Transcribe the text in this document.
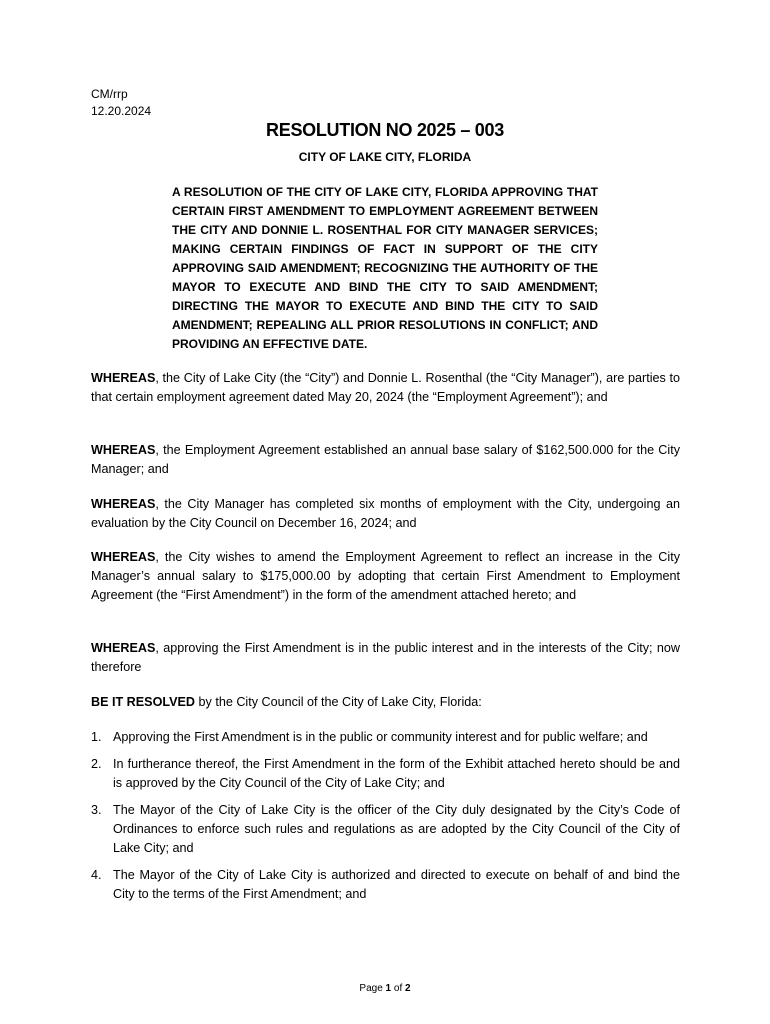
CM/rrp
12.20.2024
RESOLUTION NO 2025 – 003
CITY OF LAKE CITY, FLORIDA
A RESOLUTION OF THE CITY OF LAKE CITY, FLORIDA APPROVING THAT CERTAIN FIRST AMENDMENT TO EMPLOYMENT AGREEMENT BETWEEN THE CITY AND DONNIE L. ROSENTHAL FOR CITY MANAGER SERVICES; MAKING CERTAIN FINDINGS OF FACT IN SUPPORT OF THE CITY APPROVING SAID AMENDMENT; RECOGNIZING THE AUTHORITY OF THE MAYOR TO EXECUTE AND BIND THE CITY TO SAID AMENDMENT; DIRECTING THE MAYOR TO EXECUTE AND BIND THE CITY TO SAID AMENDMENT; REPEALING ALL PRIOR RESOLUTIONS IN CONFLICT; AND PROVIDING AN EFFECTIVE DATE.
WHEREAS, the City of Lake City (the “City”) and Donnie L. Rosenthal (the “City Manager”), are parties to that certain employment agreement dated May 20, 2024 (the “Employment Agreement”); and
WHEREAS, the Employment Agreement established an annual base salary of $162,500.000 for the City Manager; and
WHEREAS, the City Manager has completed six months of employment with the City, undergoing an evaluation by the City Council on December 16, 2024; and
WHEREAS, the City wishes to amend the Employment Agreement to reflect an increase in the City Manager’s annual salary to $175,000.00 by adopting that certain First Amendment to Employment Agreement (the “First Amendment”) in the form of the amendment attached hereto; and
WHEREAS, approving the First Amendment is in the public interest and in the interests of the City; now therefore
BE IT RESOLVED by the City Council of the City of Lake City, Florida:
1. Approving the First Amendment is in the public or community interest and for public welfare; and
2. In furtherance thereof, the First Amendment in the form of the Exhibit attached hereto should be and is approved by the City Council of the City of Lake City; and
3. The Mayor of the City of Lake City is the officer of the City duly designated by the City’s Code of Ordinances to enforce such rules and regulations as are adopted by the City Council of the City of Lake City; and
4. The Mayor of the City of Lake City is authorized and directed to execute on behalf of and bind the City to the terms of the First Amendment; and
Page 1 of 2
